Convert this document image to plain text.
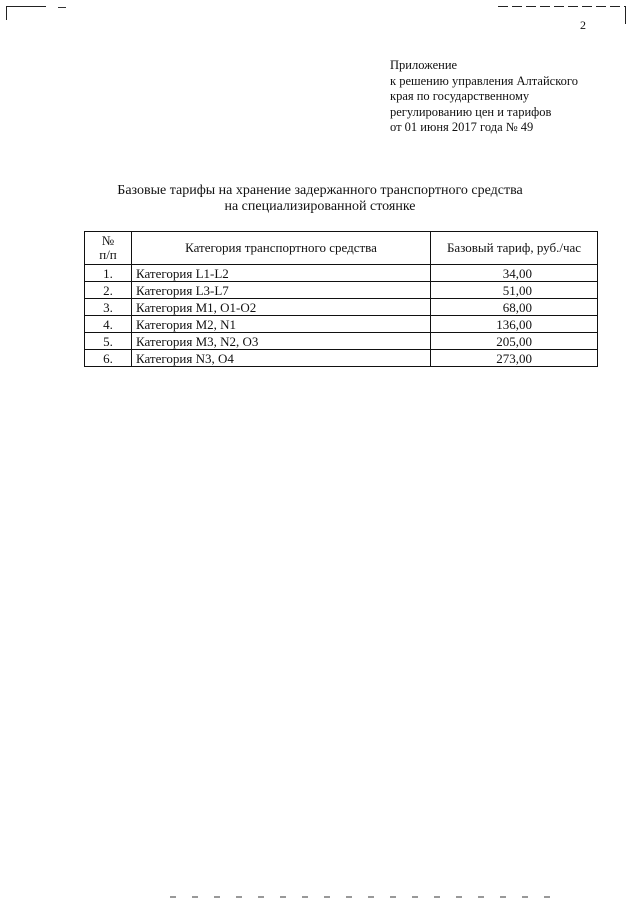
2
Приложение
к решению управления Алтайского
края по государственному
регулированию цен и тарифов
от 01 июня 2017 года № 49
Базовые тарифы на хранение задержанного транспортного средства
на специализированной стоянке
№
п/п	Категория транспортного средства	Базовый тариф, руб./час
1.	Категория L1-L2	34,00
2.	Категория L3-L7	51,00
3.	Категория М1, О1-О2	68,00
4.	Категория М2, N1	136,00
5.	Категория М3, N2, О3	205,00
6.	Категория N3, О4	273,00
